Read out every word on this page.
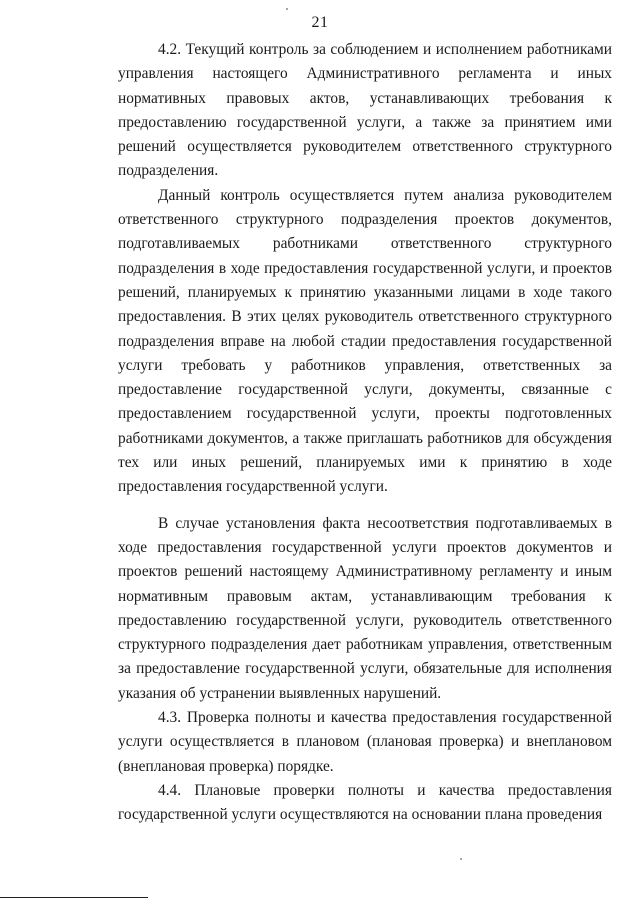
21

4.2. Текущий контроль за соблюдением и исполнением работниками управления настоящего Административного регламента и иных нормативных правовых актов, устанавливающих требования к предоставлению государственной услуги, а также за принятием ими решений осуществляется руководителем ответственного структурного подразделения.

Данный контроль осуществляется путем анализа руководителем ответственного структурного подразделения проектов документов, подготавливаемых работниками ответственного структурного подразделения в ходе предоставления государственной услуги, и проектов решений, планируемых к принятию указанными лицами в ходе такого предоставления. В этих целях руководитель ответственного структурного подразделения вправе на любой стадии предоставления государственной услуги требовать у работников управления, ответственных за предоставление государственной услуги, документы, связанные с предоставлением государственной услуги, проекты подготовленных работниками документов, а также приглашать работников для обсуждения тех или иных решений, планируемых ими к принятию в ходе предоставления государственной услуги.

В случае установления факта несоответствия подготавливаемых в ходе предоставления государственной услуги проектов документов и проектов решений настоящему Административному регламенту и иным нормативным правовым актам, устанавливающим требования к предоставлению государственной услуги, руководитель ответственного структурного подразделения дает работникам управления, ответственным за предоставление государственной услуги, обязательные для исполнения указания об устранении выявленных нарушений.

4.3. Проверка полноты и качества предоставления государственной услуги осуществляется в плановом (плановая проверка) и внеплановом (внеплановая проверка) порядке.

4.4. Плановые проверки полноты и качества предоставления государственной услуги осуществляются на основании плана проведения
